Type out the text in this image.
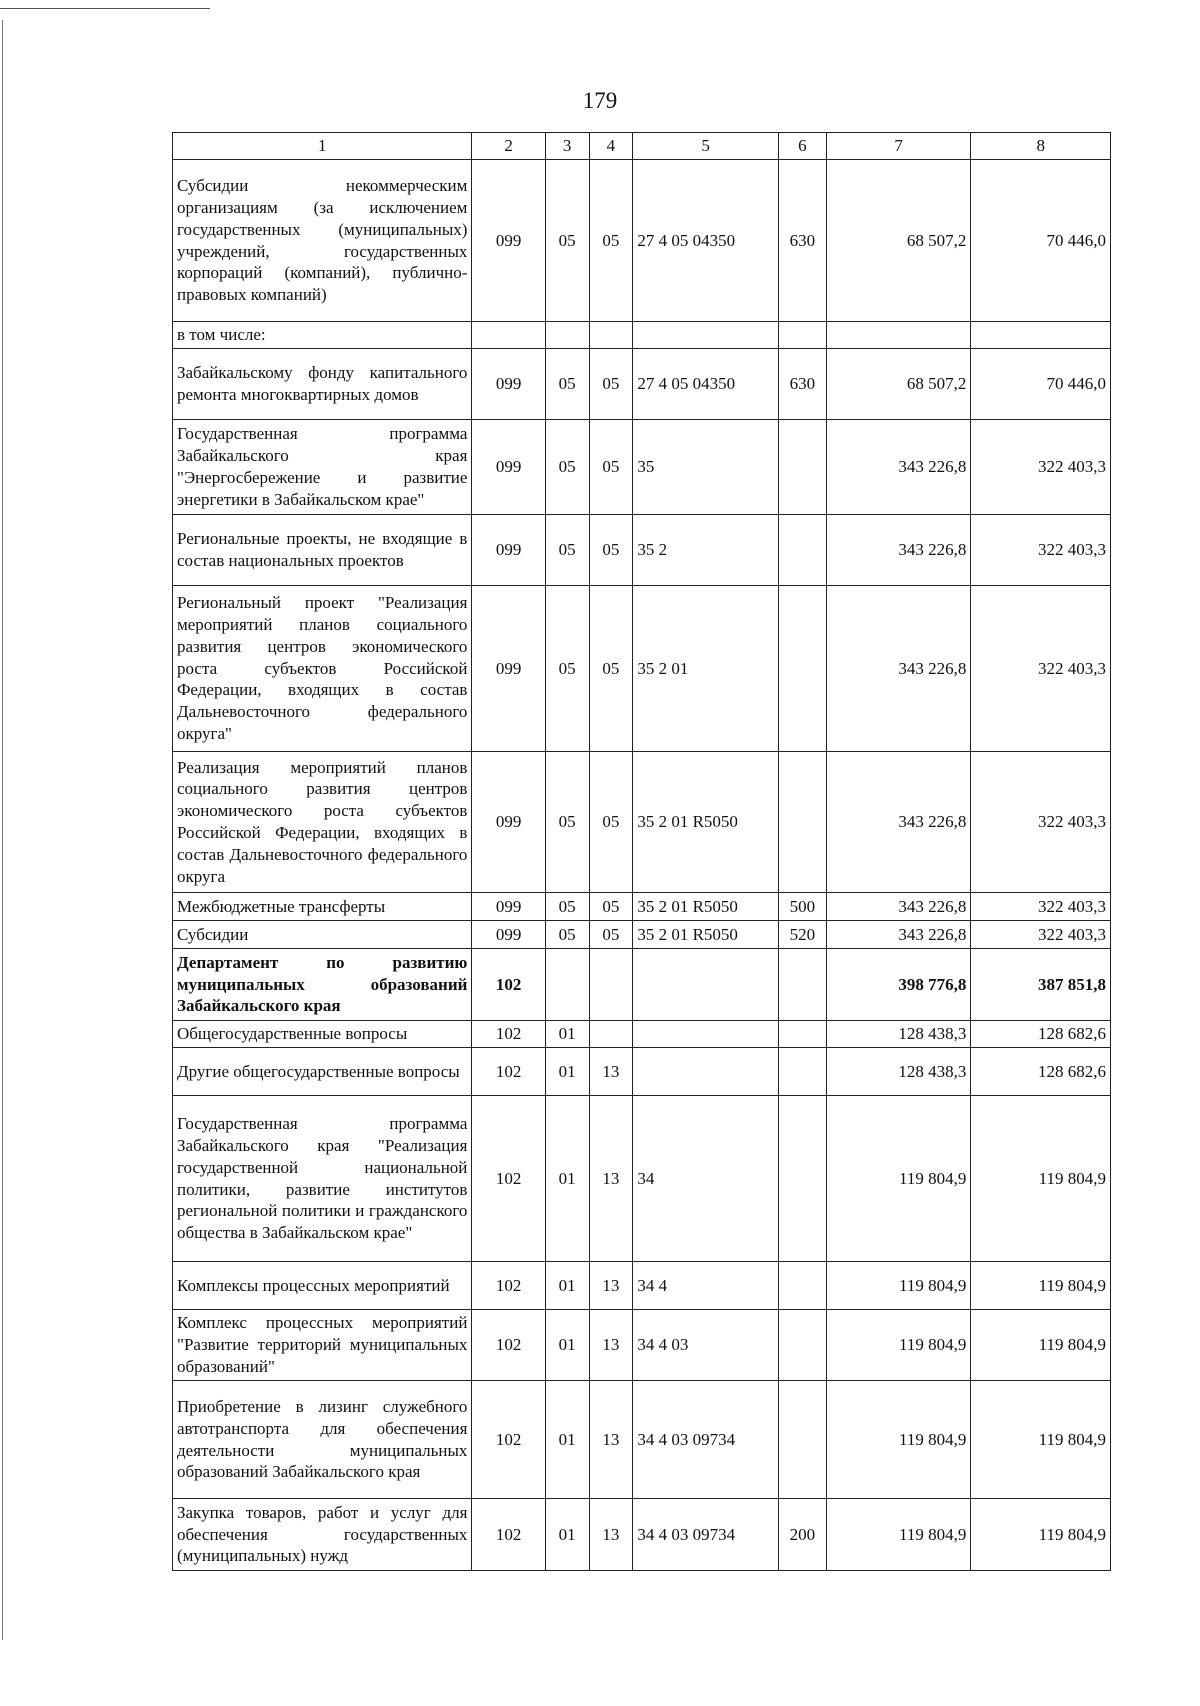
179
1	2	3	4	5	6	7	8
Субсидии некоммерческим организациям (за исключением государственных (муниципальных) учреждений, государственных корпораций (компаний), публично-правовых компаний)	099	05	05	27 4 05 04350	630	68 507,2	70 446,0
в том числе:							
Забайкальскому фонду капитального ремонта многоквартирных домов	099	05	05	27 4 05 04350	630	68 507,2	70 446,0
Государственная программа Забайкальского края "Энергосбережение и развитие энергетики в Забайкальском крае"	099	05	05	35		343 226,8	322 403,3
Региональные проекты, не входящие в состав национальных проектов	099	05	05	35 2		343 226,8	322 403,3
Региональный проект "Реализация мероприятий планов социального развития центров экономического роста субъектов Российской Федерации, входящих в состав Дальневосточного федерального округа"	099	05	05	35 2 01		343 226,8	322 403,3
Реализация мероприятий планов социального развития центров экономического роста субъектов Российской Федерации, входящих в состав Дальневосточного федерального округа	099	05	05	35 2 01 R5050		343 226,8	322 403,3
Межбюджетные трансферты	099	05	05	35 2 01 R5050	500	343 226,8	322 403,3
Субсидии	099	05	05	35 2 01 R5050	520	343 226,8	322 403,3
Департамент по развитию муниципальных образований Забайкальского края	102					398 776,8	387 851,8
Общегосударственные вопросы	102	01				128 438,3	128 682,6
Другие общегосударственные вопросы	102	01	13			128 438,3	128 682,6
Государственная программа Забайкальского края "Реализация государственной национальной политики, развитие институтов региональной политики и гражданского общества в Забайкальском крае"	102	01	13	34		119 804,9	119 804,9
Комплексы процессных мероприятий	102	01	13	34 4		119 804,9	119 804,9
Комплекс процессных мероприятий "Развитие территорий муниципальных образований"	102	01	13	34 4 03		119 804,9	119 804,9
Приобретение в лизинг служебного автотранспорта для обеспечения деятельности муниципальных образований Забайкальского края	102	01	13	34 4 03 09734		119 804,9	119 804,9
Закупка товаров, работ и услуг для обеспечения государственных (муниципальных) нужд	102	01	13	34 4 03 09734	200	119 804,9	119 804,9
